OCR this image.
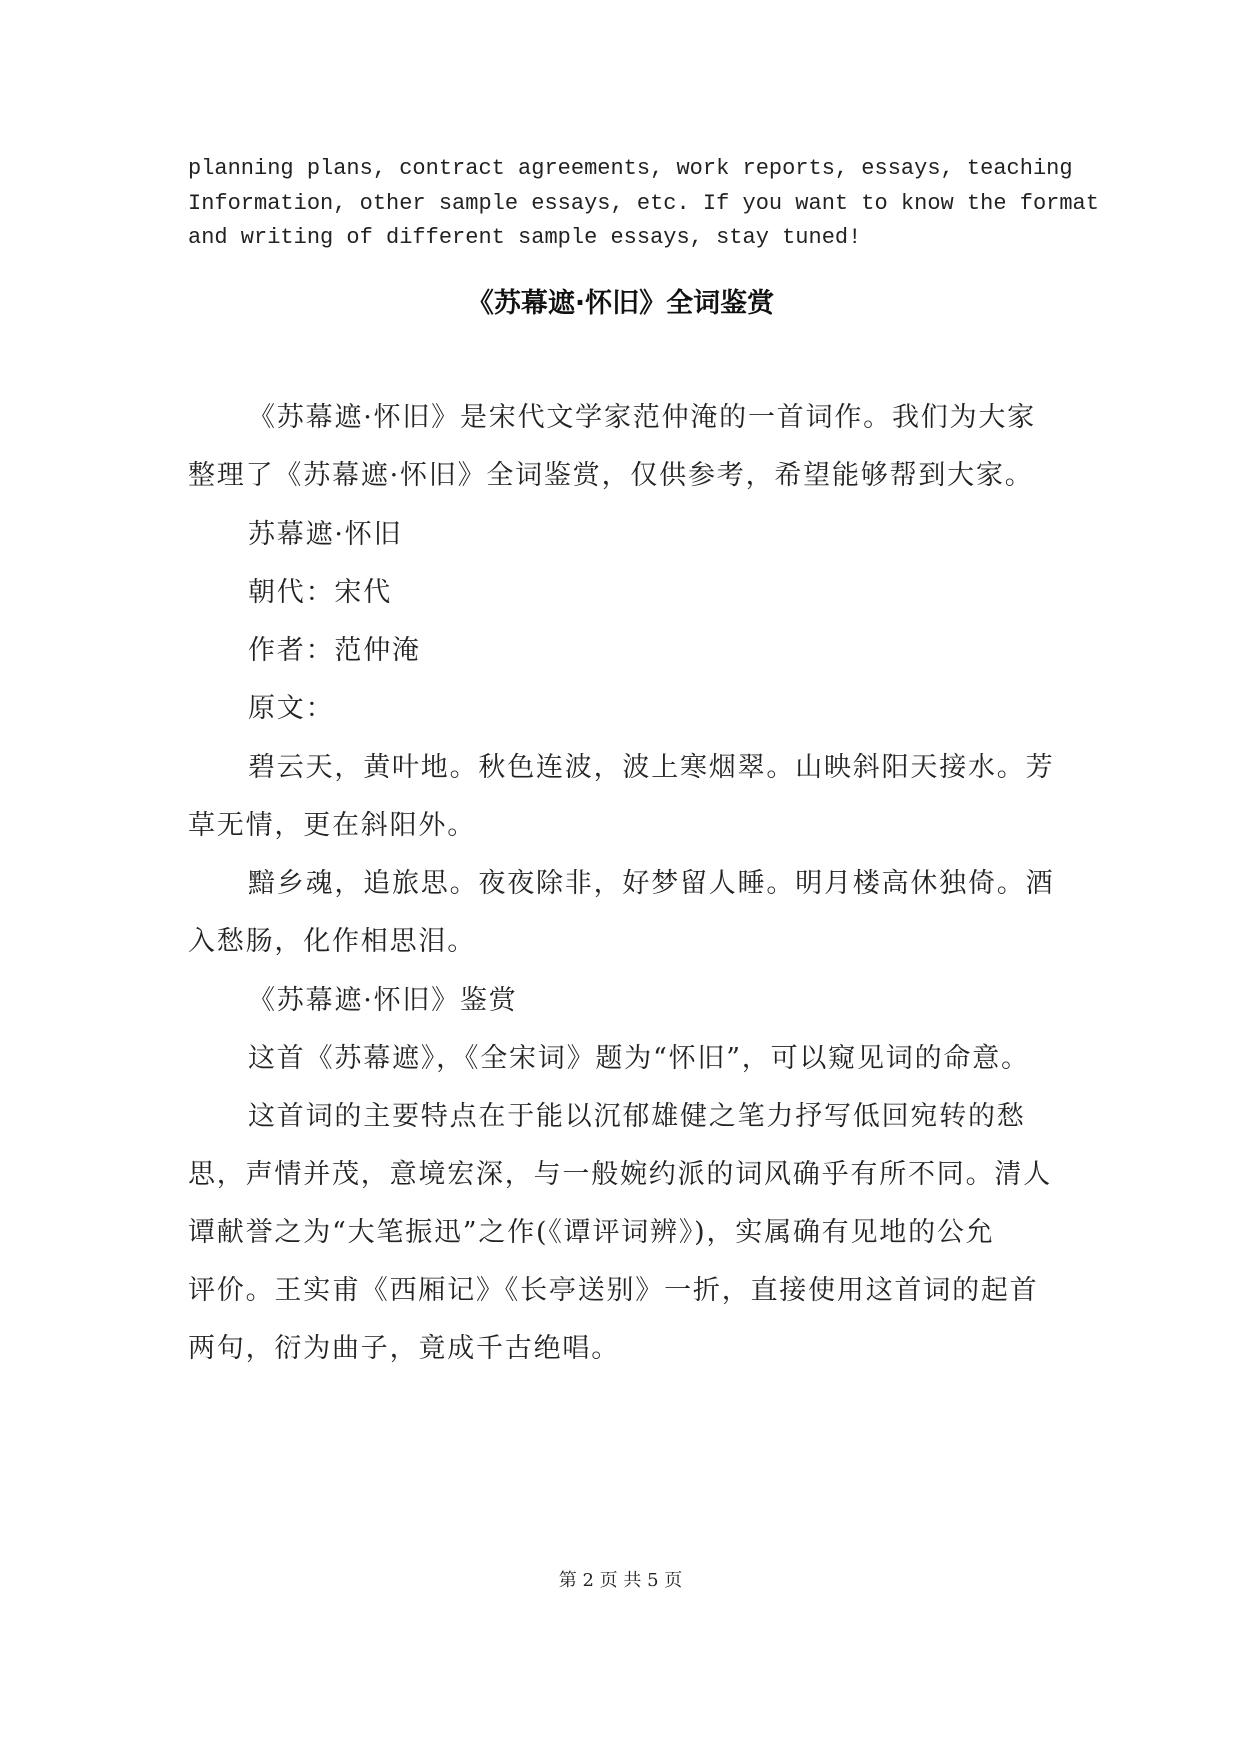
planning plans, contract agreements, work reports, essays, teaching
Information, other sample essays, etc. If you want to know the format
and writing of different sample essays, stay tuned!
《苏幕遮·怀旧》全词鉴赏
《苏幕遮·怀旧》是宋代文学家范仲淹的一首词作。我们为大家
整理了《苏幕遮·怀旧》全词鉴赏，仅供参考，希望能够帮到大家。
苏幕遮·怀旧
朝代：宋代
作者：范仲淹
原文：
碧云天，黄叶地。秋色连波，波上寒烟翠。山映斜阳天接水。芳
草无情，更在斜阳外。
黯乡魂，追旅思。夜夜除非，好梦留人睡。明月楼高休独倚。酒
入愁肠，化作相思泪。
《苏幕遮·怀旧》鉴赏
这首《苏幕遮》，《全宋词》题为“怀旧”，可以窥见词的命意。
这首词的主要特点在于能以沉郁雄健之笔力抒写低回宛转的愁
思，声情并茂，意境宏深，与一般婉约派的词风确乎有所不同。清人
谭献誉之为“大笔振迅”之作(《谭评词辨》)，实属确有见地的公允
评价。王实甫《西厢记》《长亭送别》一折，直接使用这首词的起首
两句，衍为曲子，竟成千古绝唱。
第 2 页 共 5 页
